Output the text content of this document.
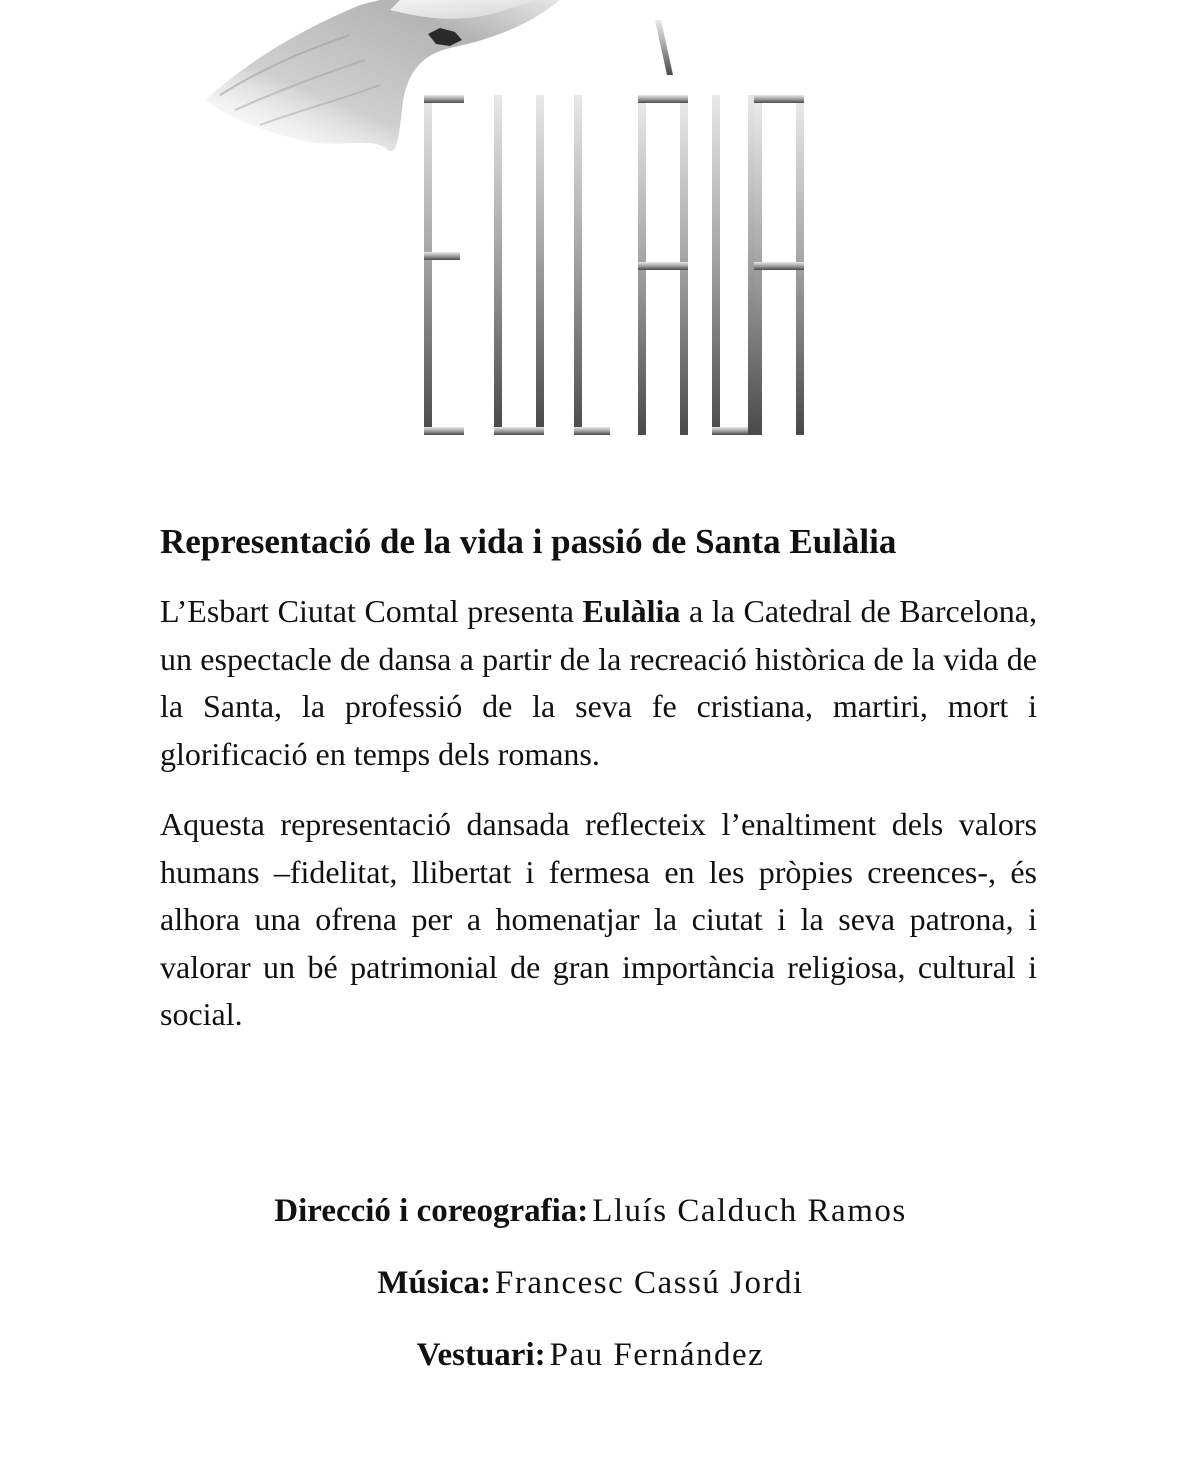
Representació de la vida i passió de Santa Eulàlia

L’Esbart Ciutat Comtal presenta Eulàlia a la Catedral de Barcelona, un espectacle de dansa a partir de la recreació històrica de la vida de la Santa, la professió de la seva fe cristiana, martiri, mort i glorificació en temps dels romans.

Aquesta representació dansada reflecteix l’enaltiment dels valors humans –fidelitat, llibertat i fermesa en les pròpies creences-, és alhora una ofrena per a homenatjar la ciutat i la seva patrona, i valorar un bé patrimonial de gran importància religiosa, cultural i social.

Direcció i coreografia: Lluís Calduch Ramos
Música: Francesc Cassú Jordi
Vestuari: Pau Fernández
